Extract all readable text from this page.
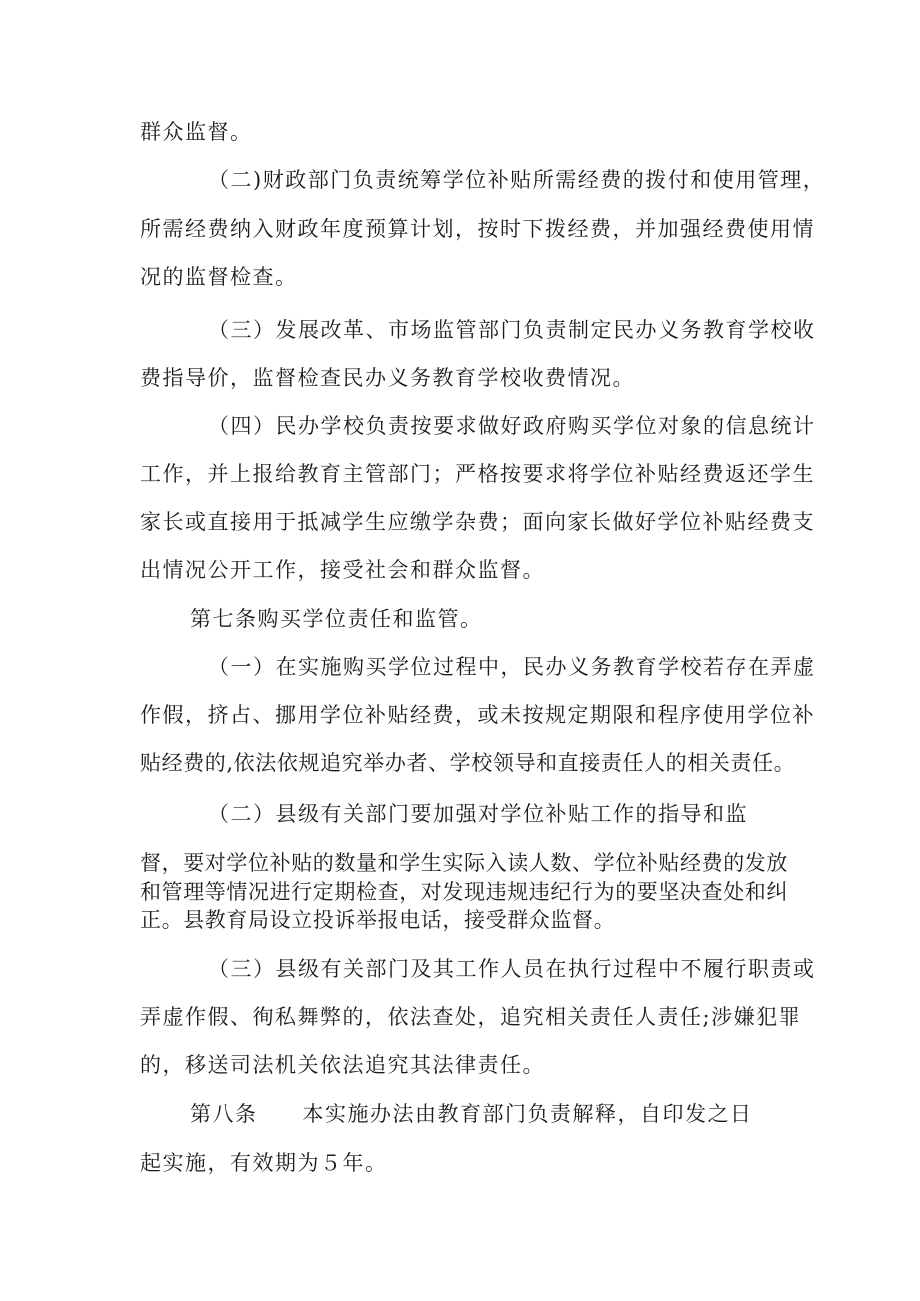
群众监督。
（二)财政部门负责统筹学位补贴所需经费的拨付和使用管理，
所需经费纳入财政年度预算计划，按时下拨经费，并加强经费使用情
况的监督检查。
（三）发展改革、市场监管部门负责制定民办义务教育学校收
费指导价，监督检查民办义务教育学校收费情况。
（四）民办学校负责按要求做好政府购买学位对象的信息统计
工作，并上报给教育主管部门；严格按要求将学位补贴经费返还学生
家长或直接用于抵减学生应缴学杂费；面向家长做好学位补贴经费支
出情况公开工作，接受社会和群众监督。
第七条购买学位责任和监管。
（一）在实施购买学位过程中，民办义务教育学校若存在弄虚
作假，挤占、挪用学位补贴经费，或未按规定期限和程序使用学位补
贴经费的,依法依规追究举办者、学校领导和直接责任人的相关责任。
（二）县级有关部门要加强对学位补贴工作的指导和监
督，要对学位补贴的数量和学生实际入读人数、学位补贴经费的发放
和管理等情况进行定期检查，对发现违规违纪行为的要坚决查处和纠
正。县教育局设立投诉举报电话，接受群众监督。
（三）县级有关部门及其工作人员在执行过程中不履行职责或
弄虚作假、徇私舞弊的，依法查处，追究相关责任人责任;涉嫌犯罪
的，移送司法机关依法追究其法律责任。
第八条　　本实施办法由教育部门负责解释，自印发之日
起实施，有效期为５年。
